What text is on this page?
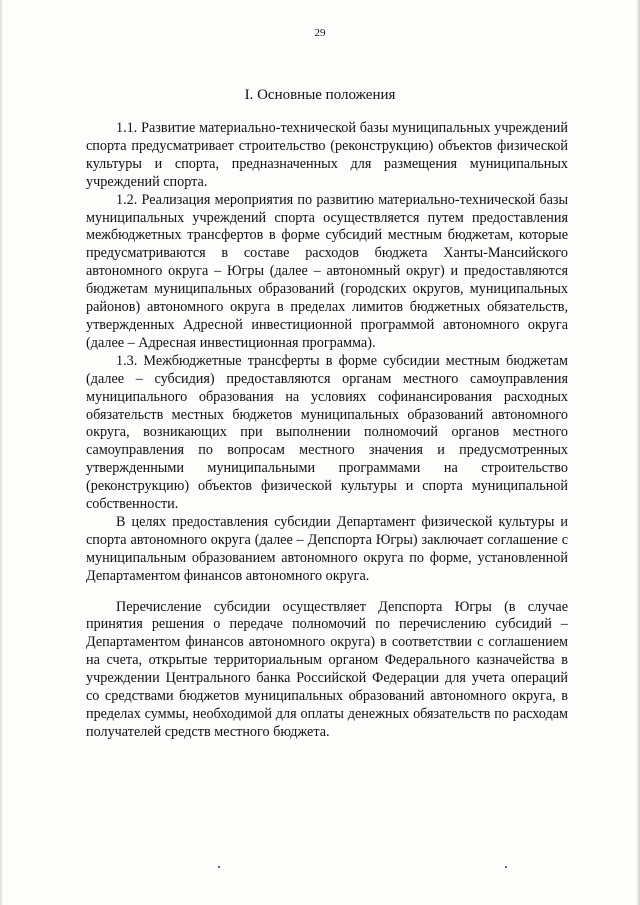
29
I. Основные положения

1.1. Развитие материально-технической базы муниципальных учреждений спорта предусматривает строительство (реконструкцию) объектов физической культуры и спорта, предназначенных для размещения муниципальных учреждений спорта.

1.2. Реализация мероприятия по развитию материально-технической базы муниципальных учреждений спорта осуществляется путем предоставления межбюджетных трансфертов в форме субсидий местным бюджетам, которые предусматриваются в составе расходов бюджета Ханты-Мансийского автономного округа – Югры (далее – автономный округ) и предоставляются бюджетам муниципальных образований (городских округов, муниципальных районов) автономного округа в пределах лимитов бюджетных обязательств, утвержденных Адресной инвестиционной программой автономного округа (далее – Адресная инвестиционная программа).

1.3. Межбюджетные трансферты в форме субсидии местным бюджетам (далее – субсидия) предоставляются органам местного самоуправления муниципального образования на условиях софинансирования расходных обязательств местных бюджетов муниципальных образований автономного округа, возникающих при выполнении полномочий органов местного самоуправления по вопросам местного значения и предусмотренных утвержденными муниципальными программами на строительство (реконструкцию) объектов физической культуры и спорта муниципальной собственности.

В целях предоставления субсидии Департамент физической культуры и спорта автономного округа (далее – Депспорта Югры) заключает соглашение с муниципальным образованием автономного округа по форме, установленной Департаментом финансов автономного округа.

Перечисление субсидии осуществляет Депспорта Югры (в случае принятия решения о передаче полномочий по перечислению субсидий – Департаментом финансов автономного округа) в соответствии с соглашением на счета, открытые территориальным органом Федерального казначейства в учреждении Центрального банка Российской Федерации для учета операций со средствами бюджетов муниципальных образований автономного округа, в пределах суммы, необходимой для оплаты денежных обязательств по расходам получателей средств местного бюджета.
